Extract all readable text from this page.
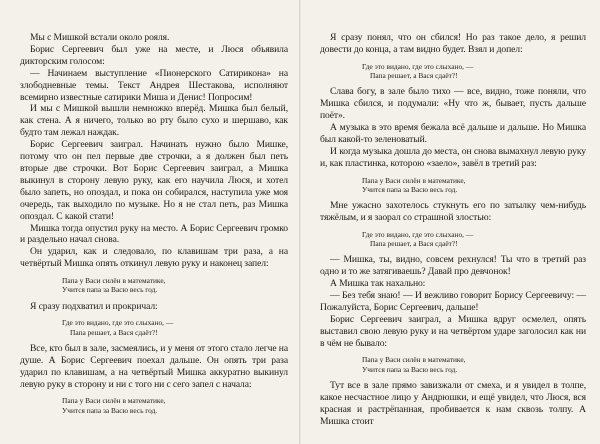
Мы с Мишкой встали около рояля.

Борис Сергеевич был уже на месте, и Люся объявила дикторским голосом:

— Начинаем выступление «Пионерского Сатирикона» на злободневные темы. Текст Андрея Шестакова, исполняют всемирно известные сатирики Миша и Денис! Попросим!

И мы с Мишкой вышли немножко вперёд. Мишка был белый, как стена. А я ничего, только во рту было сухо и шершаво, как будто там лежал наждак.

Борис Сергеевич заиграл. Начинать нужно было Мишке, потому что он пел первые две строчки, а я должен был петь вторые две строчки. Вот Борис Сергеевич заиграл, а Мишка выкинул в сторону левую руку, как его научила Люся, и хотел было запеть, но опоздал, и пока он собирался, наступила уже моя очередь, так выходило по музыке. Но я не стал петь, раз Мишка опоздал. С какой стати!

Мишка тогда опустил руку на место. А Борис Сергеевич громко и раздельно начал снова.

Он ударил, как и следовало, по клавишам три раза, а на четвёртый Мишка опять откинул левую руку и наконец запел:

Папа у Васи силён в математике,
Учится папа за Васю весь год.

Я сразу подхватил и прокричал:

Где это видано, где это слыхано, —
Папа решает, а Вася сдаёт?!

Все, кто был в зале, засмеялись, и у меня от этого стало легче на душе. А Борис Сергеевич поехал дальше. Он опять три раза ударил по клавишам, а на четвёртый Мишка аккуратно выкинул левую руку в сторону и ни с того ни с сего запел с начала:

Папа у Васи силён в математике,
Учится папа за Васю весь год.

Я сразу понял, что он сбился! Но раз такое дело, я решил довести до конца, а там видно будет. Взял и допел:

Где это видано, где это слыхано, —
Папа решает, а Вася сдаёт?!

Слава богу, в зале было тихо — все, видно, тоже поняли, что Мишка сбился, и подумали: «Ну что ж, бывает, пусть дальше поёт».

А музыка в это время бежала всё дальше и дальше. Но Мишка был какой-то зеленоватый.

И когда музыка дошла до места, он снова вымахнул левую руку и, как пластинка, которою «заело», завёл в третий раз:

Папа у Васи силён в математике,
Учится папа за Васю весь год.

Мне ужасно захотелось стукнуть его по затылку чем-нибудь тяжёлым, и я заорал со страшной злостью:

Где это видано, где это слыхано, —
Папа решает, а Вася сдаёт?!

— Мишка, ты, видно, совсем рехнулся! Ты что в третий раз одно и то же затягиваешь? Давай про девчонок!

А Мишка так нахально:

— Без тебя знаю! — И вежливо говорит Борису Сергеевичу: — Пожалуйста, Борис Сергеевич, дальше!

Борис Сергеевич заиграл, а Мишка вдруг осмелел, опять выставил свою левую руку и на четвёртом ударе заголосил как ни в чём не бывало:

Папа у Васи силён в математике,
Учится папа за Васю весь год.

Тут все в зале прямо завизжали от смеха, и я увидел в толпе, какое несчастное лицо у Андрюшки, и ещё увидел, что Люся, вся красная и растрёпанная, пробивается к нам сквозь толпу. А Мишка стоит
